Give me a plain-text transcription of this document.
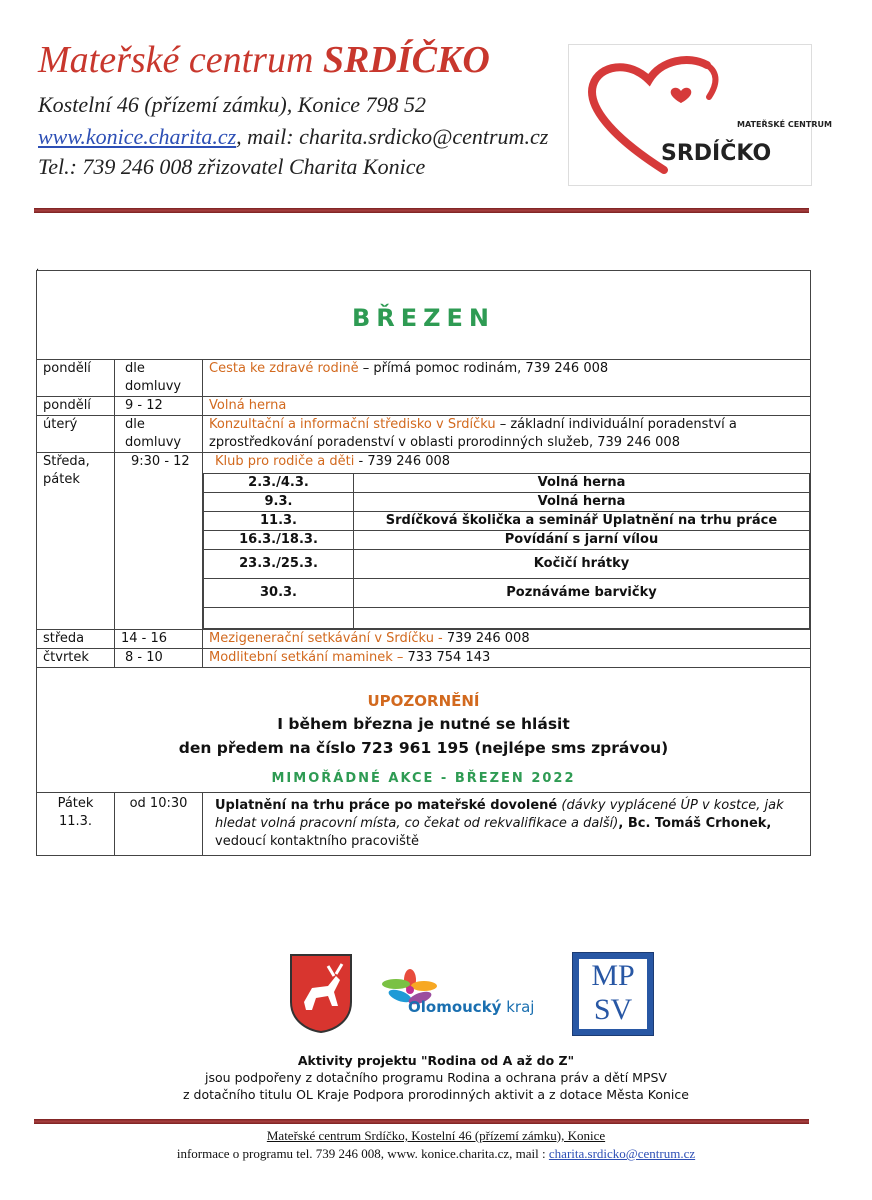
Mateřské centrum SRDÍČKO
Kostelní 46 (přízemí zámku), Konice 798 52
www.konice.charita.cz, mail: charita.srdicko@centrum.cz
Tel.: 739 246 008 zřizovatel Charita Konice
MATEŘSKÉ CENTRUM
SRDÍČKO
.
BŘEZEN

pondělí	dle domluvy	Cesta ke zdravé rodině – přímá pomoc rodinám, 739 246 008
pondělí	9 - 12	Volná herna
úterý	dle domluvy	Konzultační a informační středisko v Srdíčku – základní individuální poradenství a zprostředkování poradenství v oblasti prorodinných služeb, 739 246 008
Středa, pátek	9:30 - 12	Klub pro rodiče a děti - 739 246 008
2.3./4.3.	Volná herna
9.3.	Volná herna
11.3.	Srdíčková školička a seminář Uplatnění na trhu práce
16.3./18.3.	Povídání s jarní vílou
23.3./25.3.	Kočičí hrátky
30.3.	Poznáváme barvičky

středa	14 - 16	Mezigenerační setkávání v Srdíčku - 739 246 008
čtvrtek	8 - 10	Modlitební setkání maminek – 733 754 143

UPOZORNĚNÍ
I během března je nutné se hlásit
den předem na číslo 723 961 195 (nejlépe sms zprávou)
MIMOŘÁDNÉ AKCE - BŘEZEN 2022

Pátek 11.3.	od 10:30	Uplatnění na trhu práce po mateřské dovolené (dávky vyplácené ÚP v kostce, jak hledat volná pracovní místa, co čekat od rekvalifikace a další), Bc. Tomáš Crhonek, vedoucí kontaktního pracoviště
Olomoucký kraj
MP
SV
Aktivity projektu "Rodina od A až do Z"
jsou podpořeny z dotačního programu Rodina a ochrana práv a dětí MPSV
z dotačního titulu OL Kraje Podpora prorodinných aktivit a z dotace Města Konice
Mateřské centrum Srdíčko, Kostelní 46 (přízemí zámku), Konice
informace o programu tel. 739 246 008, www. konice.charita.cz, mail : charita.srdicko@centrum.cz
